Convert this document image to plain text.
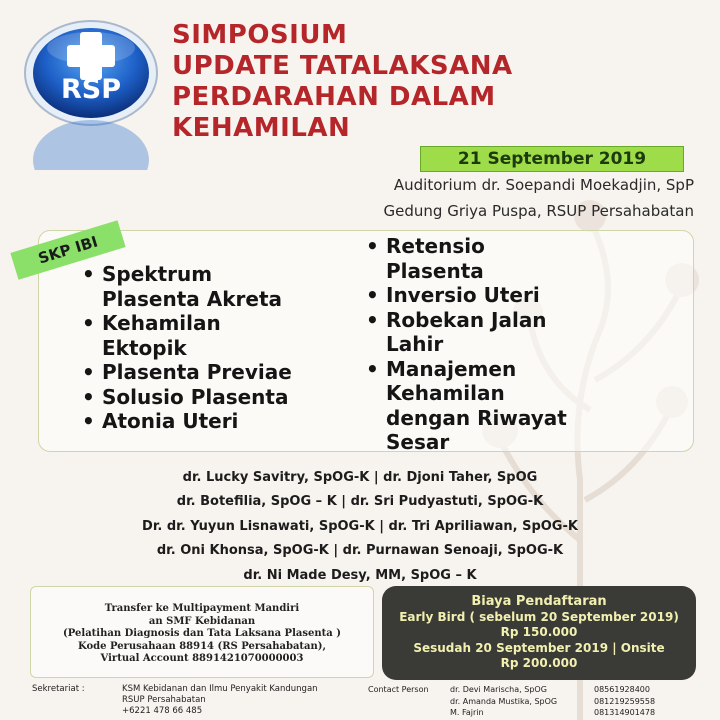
RSP
SIMPOSIUM
UPDATE TATALAKSANA
PERDARAHAN DALAM
KEHAMILAN
21 September 2019
Auditorium dr. Soepandi Moekadjin, SpP
Gedung Griya Puspa, RSUP Persahabatan
SKP IBI
• Spektrum
Plasenta Akreta
• Kehamilan
Ektopik
• Plasenta Previae
• Solusio Plasenta
• Atonia Uteri
• Retensio
Plasenta
• Inversio Uteri
• Robekan Jalan
Lahir
• Manajemen
Kehamilan
dengan Riwayat
Sesar
dr. Lucky Savitry, SpOG-K | dr. Djoni Taher, SpOG
dr. Botefilia, SpOG – K | dr. Sri Pudyastuti, SpOG-K
Dr. dr. Yuyun Lisnawati, SpOG-K | dr. Tri Apriliawan, SpOG-K
dr. Oni Khonsa, SpOG-K | dr. Purnawan Senoaji, SpOG-K
dr. Ni Made Desy, MM, SpOG – K
Transfer ke Multipayment Mandiri
an SMF Kebidanan
(Pelatihan Diagnosis dan Tata Laksana Plasenta )
Kode Perusahaan 88914 (RS Persahabatan),
Virtual Account 8891421070000003
Biaya Pendaftaran
Early Bird ( sebelum 20 September 2019)
Rp 150.000
Sesudah 20 September 2019 | Onsite
Rp 200.000
Sekretariat :	KSM Kebidanan dan Ilmu Penyakit Kandungan
RSUP Persahabatan
+6221 478 66 485
Contact Person	dr. Devi Marischa, SpOG	08561928400
	dr. Amanda Mustika, SpOG	081219259558
	M. Fajrin	081314901478
